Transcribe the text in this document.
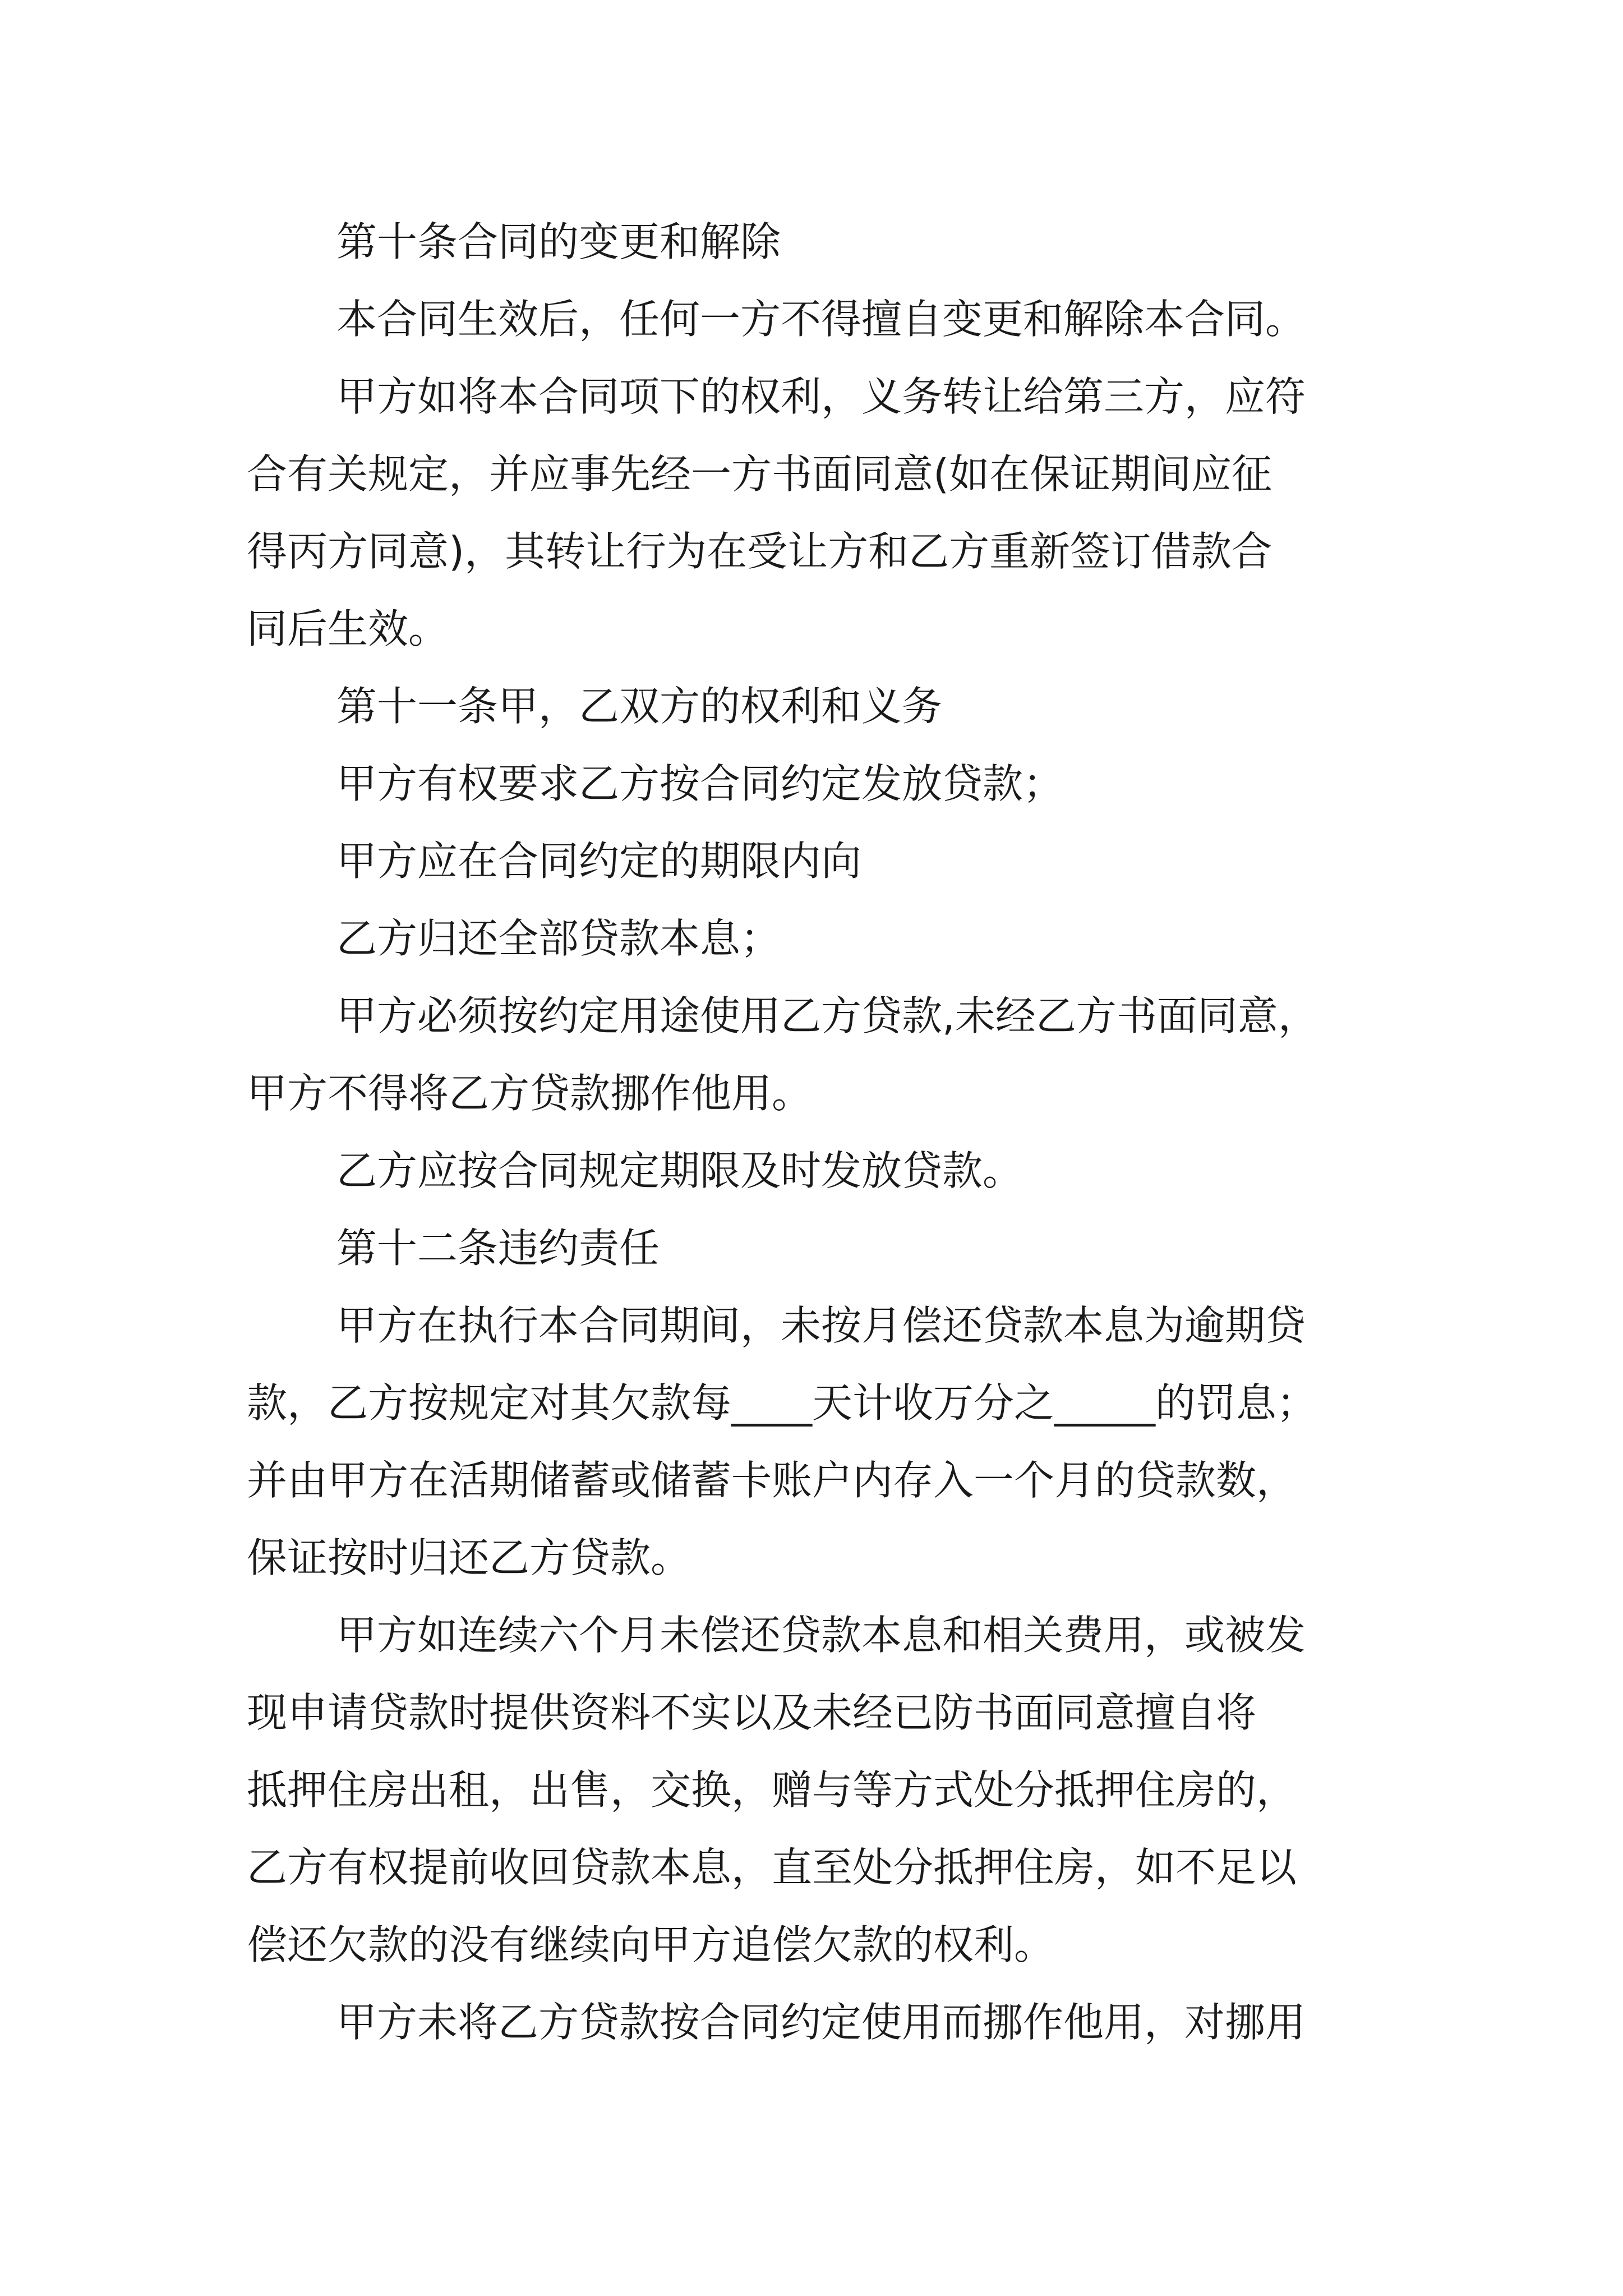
第十条合同的变更和解除

本合同生效后，任何一方不得擅自变更和解除本合同。

甲方如将本合同项下的权利，义务转让给第三方，应符

合有关规定，并应事先经一方书面同意(如在保证期间应征

得丙方同意)，其转让行为在受让方和乙方重新签订借款合

同后生效。

第十一条甲，乙双方的权利和义务

甲方有权要求乙方按合同约定发放贷款；

甲方应在合同约定的期限内向

乙方归还全部贷款本息；

甲方必须按约定用途使用乙方贷款,未经乙方书面同意，

甲方不得将乙方贷款挪作他用。

乙方应按合同规定期限及时发放贷款。

第十二条违约责任

甲方在执行本合同期间，未按月偿还贷款本息为逾期贷

款，乙方按规定对其欠款每____天计收万分之_____的罚息；

并由甲方在活期储蓄或储蓄卡账户内存入一个月的贷款数，

保证按时归还乙方贷款。

甲方如连续六个月未偿还贷款本息和相关费用，或被发

现申请贷款时提供资料不实以及未经已防书面同意擅自将

抵押住房出租，出售，交换，赠与等方式处分抵押住房的，

乙方有权提前收回贷款本息，直至处分抵押住房，如不足以

偿还欠款的没有继续向甲方追偿欠款的权利。

甲方未将乙方贷款按合同约定使用而挪作他用，对挪用
